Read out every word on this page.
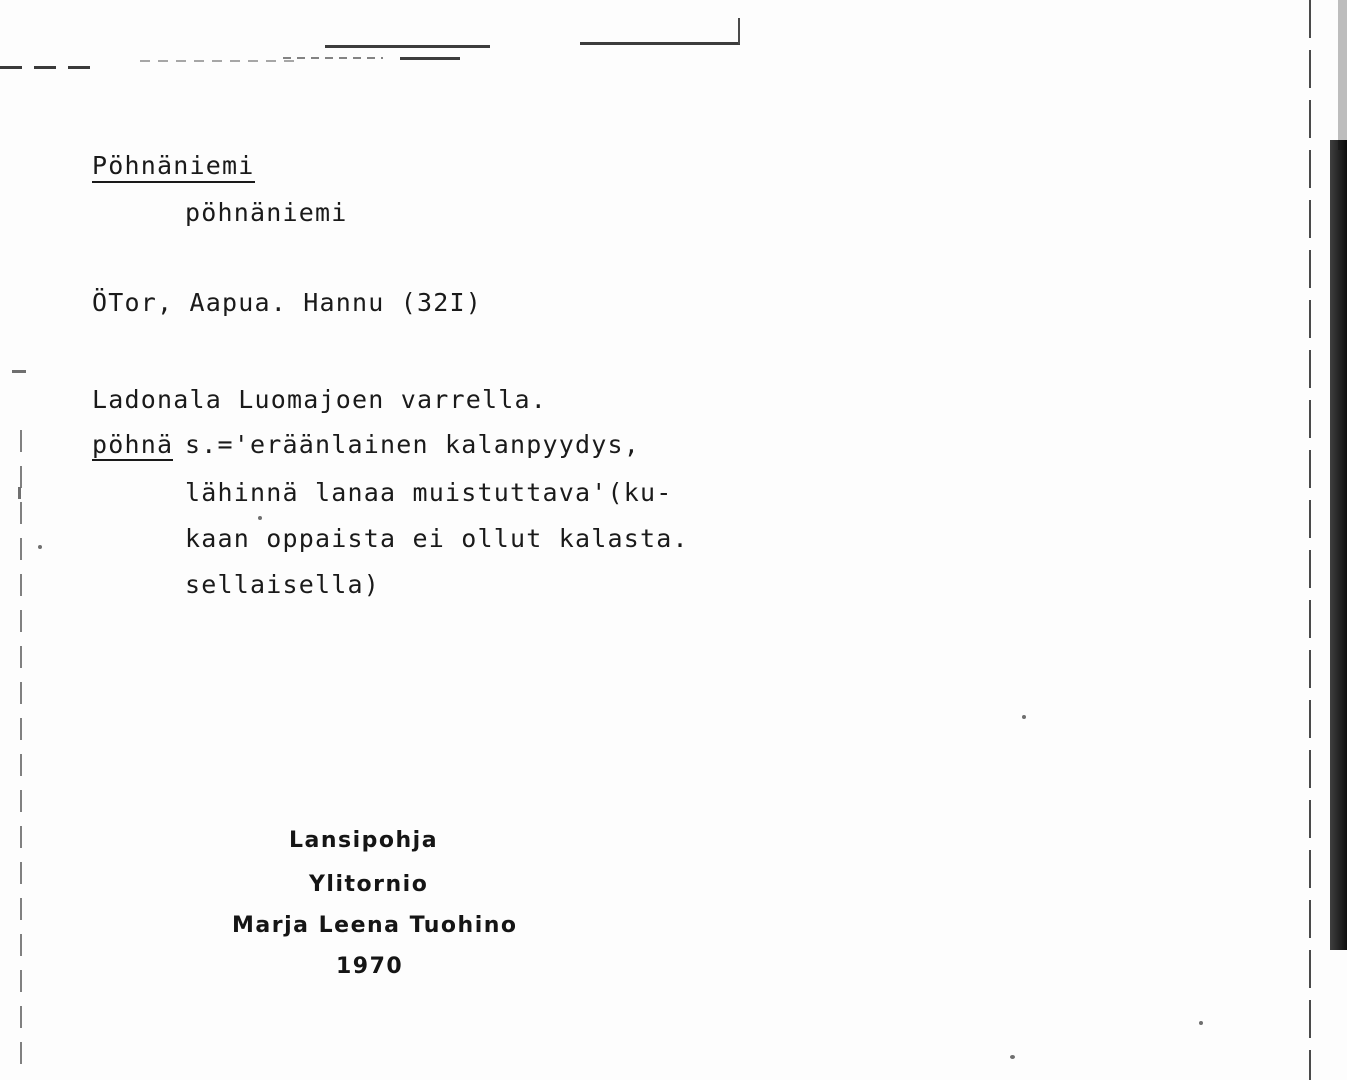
Pöhnäniemi
pöhnäniemi
ÖTor, Aapua. Hannu (32I)
Ladonala Luomajoen varrella.
pöhnä s.='eräänlainen kalanpyydys,
lähinnä lanaa muistuttava'(ku-
kaan oppaista ei ollut kalasta.
sellaisella)
Lansipohja
Ylitornio
Marja Leena Tuohino
1970
